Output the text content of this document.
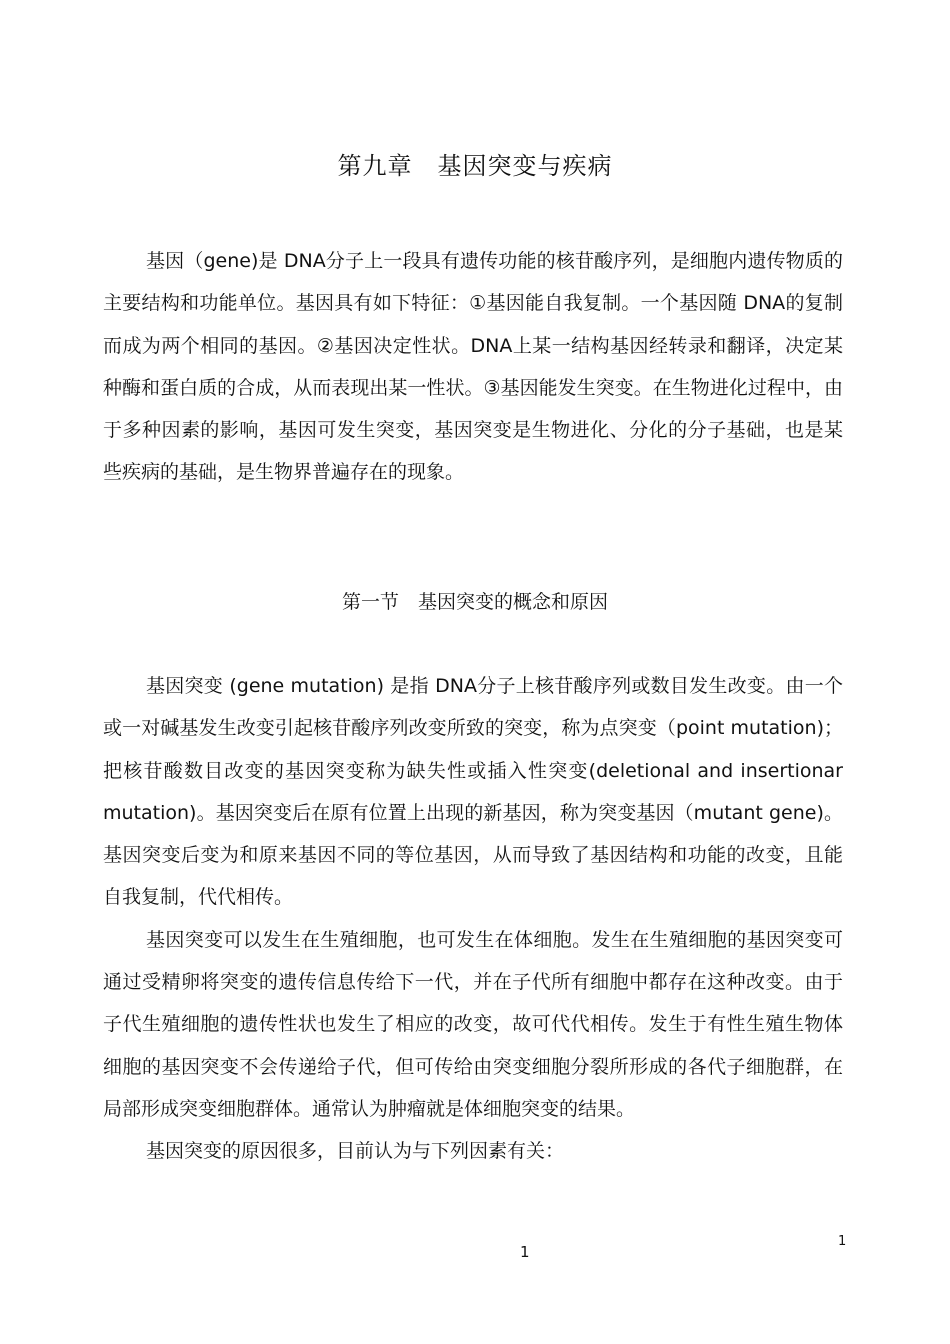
第九章　基因突变与疾病

基因（gene)是 DNA分子上一段具有遗传功能的核苷酸序列，是细胞内遗传物质的主要结构和功能单位。基因具有如下特征：①基因能自我复制。一个基因随 DNA的复制而成为两个相同的基因。②基因决定性状。DNA上某一结构基因经转录和翻译，决定某种酶和蛋白质的合成，从而表现出某一性状。③基因能发生突变。在生物进化过程中，由于多种因素的影响，基因可发生突变，基因突变是生物进化、分化的分子基础，也是某些疾病的基础，是生物界普遍存在的现象。

第一节　基因突变的概念和原因

基因突变 (gene mutation) 是指 DNA分子上核苷酸序列或数目发生改变。由一个或一对碱基发生改变引起核苷酸序列改变所致的突变，称为点突变（point mutation)；把核苷酸数目改变的基因突变称为缺失性或插入性突变(deletional and insertionar mutation)。基因突变后在原有位置上出现的新基因，称为突变基因（mutant gene)。基因突变后变为和原来基因不同的等位基因，从而导致了基因结构和功能的改变，且能自我复制，代代相传。

基因突变可以发生在生殖细胞，也可发生在体细胞。发生在生殖细胞的基因突变可通过受精卵将突变的遗传信息传给下一代，并在子代所有细胞中都存在这种改变。由于子代生殖细胞的遗传性状也发生了相应的改变，故可代代相传。发生于有性生殖生物体细胞的基因突变不会传递给子代，但可传给由突变细胞分裂所形成的各代子细胞群，在局部形成突变细胞群体。通常认为肿瘤就是体细胞突变的结果。

基因突变的原因很多，目前认为与下列因素有关：

1
1
